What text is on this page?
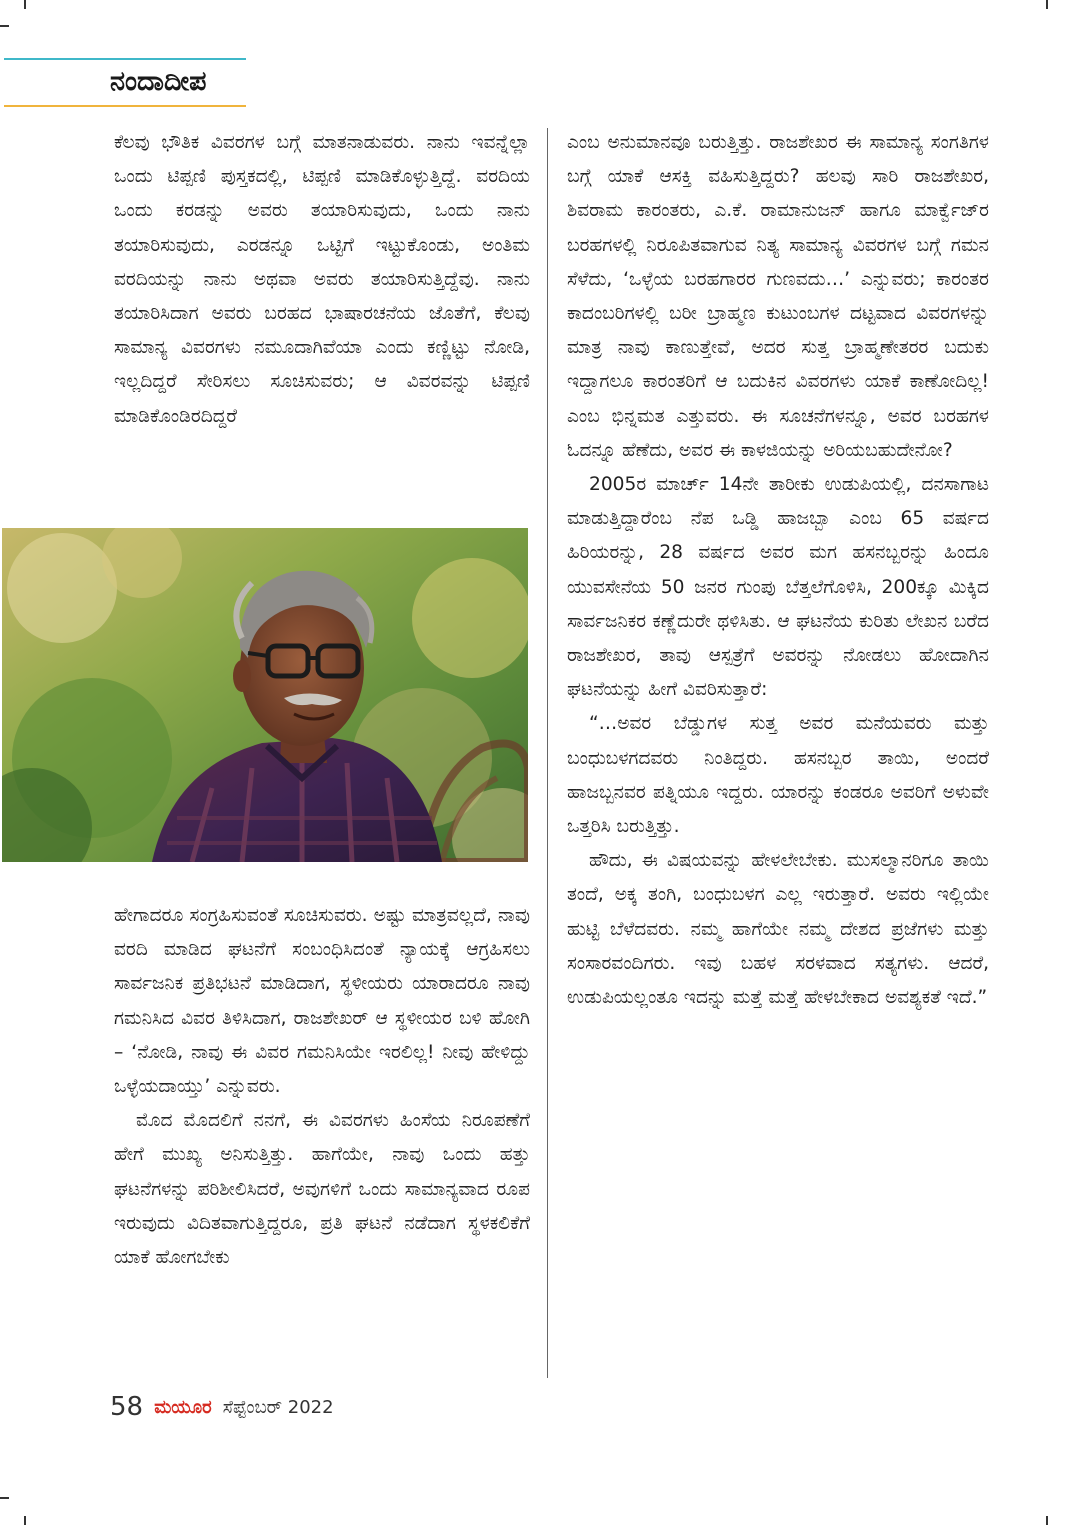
ನಂದಾದೀಪ

ಕೆಲವು ಭೌತಿಕ ವಿವರಗಳ ಬಗ್ಗೆ ಮಾತನಾಡುವರು. ನಾನು ಇವನ್ನೆಲ್ಲಾ ಒಂದು ಟಿಪ್ಪಣಿ ಪುಸ್ತಕದಲ್ಲಿ, ಟಿಪ್ಪಣಿ ಮಾಡಿಕೊಳ್ಳುತ್ತಿದ್ದೆ. ವರದಿಯ ಒಂದು ಕರಡನ್ನು ಅವರು ತಯಾರಿಸುವುದು, ಒಂದು ನಾನು ತಯಾರಿಸುವುದು, ಎರಡನ್ನೂ ಒಟ್ಟಿಗೆ ಇಟ್ಟುಕೊಂಡು, ಅಂತಿಮ ವರದಿಯನ್ನು ನಾನು ಅಥವಾ ಅವರು ತಯಾರಿಸುತ್ತಿದ್ದೆವು. ನಾನು ತಯಾರಿಸಿದಾಗ ಅವರು ಬರಹದ ಭಾಷಾರಚನೆಯ ಜೊತೆಗೆ, ಕೆಲವು ಸಾಮಾನ್ಯ ವಿವರಗಳು ನಮೂದಾಗಿವೆಯಾ ಎಂದು ಕಣ್ಣಿಟ್ಟು ನೋಡಿ, ಇಲ್ಲದಿದ್ದರೆ ಸೇರಿಸಲು ಸೂಚಿಸುವರು; ಆ ವಿವರವನ್ನು ಟಿಪ್ಪಣಿ ಮಾಡಿಕೊಂಡಿರದಿದ್ದರೆ

ಹೇಗಾದರೂ ಸಂಗ್ರಹಿಸುವಂತೆ ಸೂಚಿಸುವರು. ಅಷ್ಟು ಮಾತ್ರವಲ್ಲದೆ, ನಾವು ವರದಿ ಮಾಡಿದ ಘಟನೆಗೆ ಸಂಬಂಧಿಸಿದಂತೆ ನ್ಯಾಯಕ್ಕೆ ಆಗ್ರಹಿಸಲು ಸಾರ್ವಜನಿಕ ಪ್ರತಿಭಟನೆ ಮಾಡಿದಾಗ, ಸ್ಥಳೀಯರು ಯಾರಾದರೂ ನಾವು ಗಮನಿಸಿದ ವಿವರ ತಿಳಿಸಿದಾಗ, ರಾಜಶೇಖರ್ ಆ ಸ್ಥಳೀಯರ ಬಳಿ ಹೋಗಿ – ‘ನೋಡಿ, ನಾವು ಈ ವಿವರ ಗಮನಿಸಿಯೇ ಇರಲಿಲ್ಲ! ನೀವು ಹೇಳಿದ್ದು ಒಳ್ಳೆಯದಾಯ್ತು’ ಎನ್ನುವರು.

ಮೊದ ಮೊದಲಿಗೆ ನನಗೆ, ಈ ವಿವರಗಳು ಹಿಂಸೆಯ ನಿರೂಪಣೆಗೆ ಹೇಗೆ ಮುಖ್ಯ ಅನಿಸುತ್ತಿತ್ತು. ಹಾಗೆಯೇ, ನಾವು ಒಂದು ಹತ್ತು ಘಟನೆಗಳನ್ನು ಪರಿಶೀಲಿಸಿದರೆ, ಅವುಗಳಿಗೆ ಒಂದು ಸಾಮಾನ್ಯವಾದ ರೂಪ ಇರುವುದು ವಿದಿತವಾಗುತ್ತಿದ್ದರೂ, ಪ್ರತಿ ಘಟನೆ ನಡೆದಾಗ ಸ್ಥಳಕಲಿಕೆಗೆ ಯಾಕೆ ಹೋಗಬೇಕು

ಎಂಬ ಅನುಮಾನವೂ ಬರುತ್ತಿತ್ತು. ರಾಜಶೇಖರ ಈ ಸಾಮಾನ್ಯ ಸಂಗತಿಗಳ ಬಗ್ಗೆ ಯಾಕೆ ಆಸಕ್ತಿ ವಹಿಸುತ್ತಿದ್ದರು? ಹಲವು ಸಾರಿ ರಾಜಶೇಖರ, ಶಿವರಾಮ ಕಾರಂತರು, ಎ.ಕೆ. ರಾಮಾನುಜನ್ ಹಾಗೂ ಮಾರ್ಕ್ವೆಜ್‌ರ ಬರಹಗಳಲ್ಲಿ ನಿರೂಪಿತವಾಗುವ ನಿತ್ಯ ಸಾಮಾನ್ಯ ವಿವರಗಳ ಬಗ್ಗೆ ಗಮನ ಸೆಳೆದು, ‘ಒಳ್ಳೆಯ ಬರಹಗಾರರ ಗುಣವದು…’ ಎನ್ನುವರು; ಕಾರಂತರ ಕಾದಂಬರಿಗಳಲ್ಲಿ ಬರೀ ಬ್ರಾಹ್ಮಣ ಕುಟುಂಬಗಳ ದಟ್ಟವಾದ ವಿವರಗಳನ್ನು ಮಾತ್ರ ನಾವು ಕಾಣುತ್ತೇವೆ, ಅದರ ಸುತ್ತ ಬ್ರಾಹ್ಮಣೇತರರ ಬದುಕು ಇದ್ದಾಗಲೂ ಕಾರಂತರಿಗೆ ಆ ಬದುಕಿನ ವಿವರಗಳು ಯಾಕೆ ಕಾಣೋದಿಲ್ಲ! ಎಂಬ ಭಿನ್ನಮತ ಎತ್ತುವರು. ಈ ಸೂಚನೆಗಳನ್ನೂ, ಅವರ ಬರಹಗಳ ಓದನ್ನೂ ಹೆಣೆದು, ಅವರ ಈ ಕಾಳಜಿಯನ್ನು ಅರಿಯಬಹುದೇನೋ?

2005ರ ಮಾರ್ಚ್ 14ನೇ ತಾರೀಕು ಉಡುಪಿಯಲ್ಲಿ, ದನಸಾಗಾಟ ಮಾಡುತ್ತಿದ್ದಾರೆಂಬ ನೆಪ ಒಡ್ಡಿ ಹಾಜಬ್ಬಾ ಎಂಬ 65 ವರ್ಷದ ಹಿರಿಯರನ್ನು, 28 ವರ್ಷದ ಅವರ ಮಗ ಹಸನಬ್ಬರನ್ನು ಹಿಂದೂ ಯುವಸೇನೆಯ 50 ಜನರ ಗುಂಪು ಬೆತ್ತಲೆಗೊಳಿಸಿ, 200ಕ್ಕೂ ಮಿಕ್ಕಿದ ಸಾರ್ವಜನಿಕರ ಕಣ್ಣೆದುರೇ ಥಳಿಸಿತು. ಆ ಘಟನೆಯ ಕುರಿತು ಲೇಖನ ಬರೆದ ರಾಜಶೇಖರ, ತಾವು ಆಸ್ಪತ್ರೆಗೆ ಅವರನ್ನು ನೋಡಲು ಹೋದಾಗಿನ ಘಟನೆಯನ್ನು ಹೀಗೆ ವಿವರಿಸುತ್ತಾರೆ:

“…ಅವರ ಬೆಡ್ಡುಗಳ ಸುತ್ತ ಅವರ ಮನೆಯವರು ಮತ್ತು ಬಂಧುಬಳಗದವರು ನಿಂತಿದ್ದರು. ಹಸನಬ್ಬರ ತಾಯಿ, ಅಂದರೆ ಹಾಜಬ್ಬನವರ ಪತ್ನಿಯೂ ಇದ್ದರು. ಯಾರನ್ನು ಕಂಡರೂ ಅವರಿಗೆ ಅಳುವೇ ಒತ್ತರಿಸಿ ಬರುತ್ತಿತ್ತು.

ಹೌದು, ಈ ವಿಷಯವನ್ನು ಹೇಳಲೇಬೇಕು. ಮುಸಲ್ಮಾನರಿಗೂ ತಾಯಿ ತಂದೆ, ಅಕ್ಕ ತಂಗಿ, ಬಂಧುಬಳಗ ಎಲ್ಲ ಇರುತ್ತಾರೆ. ಅವರು ಇಲ್ಲಿಯೇ ಹುಟ್ಟಿ ಬೆಳೆದವರು. ನಮ್ಮ ಹಾಗೆಯೇ ನಮ್ಮ ದೇಶದ ಪ್ರಜೆಗಳು ಮತ್ತು ಸಂಸಾರವಂದಿಗರು. ಇವು ಬಹಳ ಸರಳವಾದ ಸತ್ಯಗಳು. ಆದರೆ, ಉಡುಪಿಯಲ್ಲಂತೂ ಇದನ್ನು ಮತ್ತೆ ಮತ್ತೆ ಹೇಳಬೇಕಾದ ಅವಶ್ಯಕತೆ ಇದೆ.”

58 ಮಯೂರ ಸೆಪ್ಟೆಂಬರ್ 2022
